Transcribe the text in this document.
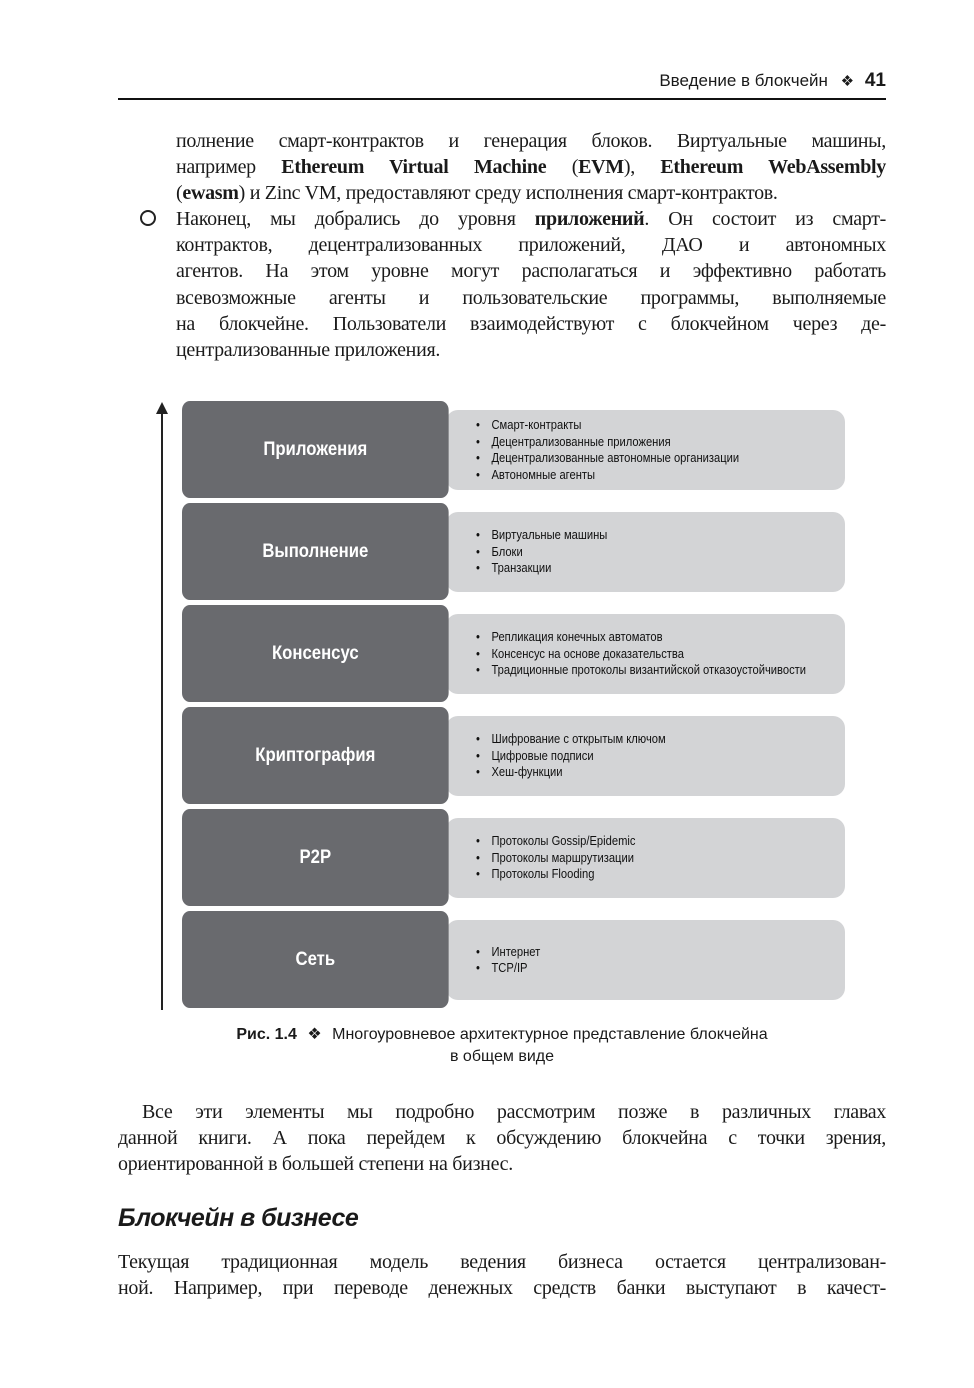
Введение в блокчейн ❖ 41
полнение смарт-контрактов и генерация блоков. Виртуальные машины,
например Ethereum Virtual Machine (EVM), Ethereum WebAssembly
(ewasm) и Zinc VM, предоставляют среду исполнения смарт-контрактов.
Наконец, мы добрались до уровня приложений. Он состоит из смарт-
контрактов, децентрализованных приложений, ДАО и автономных
агентов. На этом уровне могут располагаться и эффективно работать
всевозможные агенты и пользовательские программы, выполняемые
на блокчейне. Пользователи взаимодействуют с блокчейном через де-
централизованные приложения.
Приложения
• Смарт-контракты
• Децентрализованные приложения
• Децентрализованные автономные организации
• Автономные агенты
Выполнение
• Виртуальные машины
• Блоки
• Транзакции
Консенсус
• Репликация конечных автоматов
• Консенсус на основе доказательства
• Традиционные протоколы византийской отказоустойчивости
Криптография
• Шифрование с открытым ключом
• Цифровые подписи
• Хеш-функции
P2P
• Протоколы Gossip/Epidemic
• Протоколы маршрутизации
• Протоколы Flooding
Сеть	• Интернет
• TCP/IP
Рис. 1.4 ❖ Многоуровневое архитектурное представление блокчейна
в общем виде
Все эти элементы мы подробно рассмотрим позже в различных главах
данной книги. А пока перейдем к обсуждению блокчейна с точки зрения,
ориентированной в большей степени на бизнес.
Блокчейн в бизнесе
Текущая традиционная модель ведения бизнеса остается централизован-
ной. Например, при переводе денежных средств банки выступают в качест-
